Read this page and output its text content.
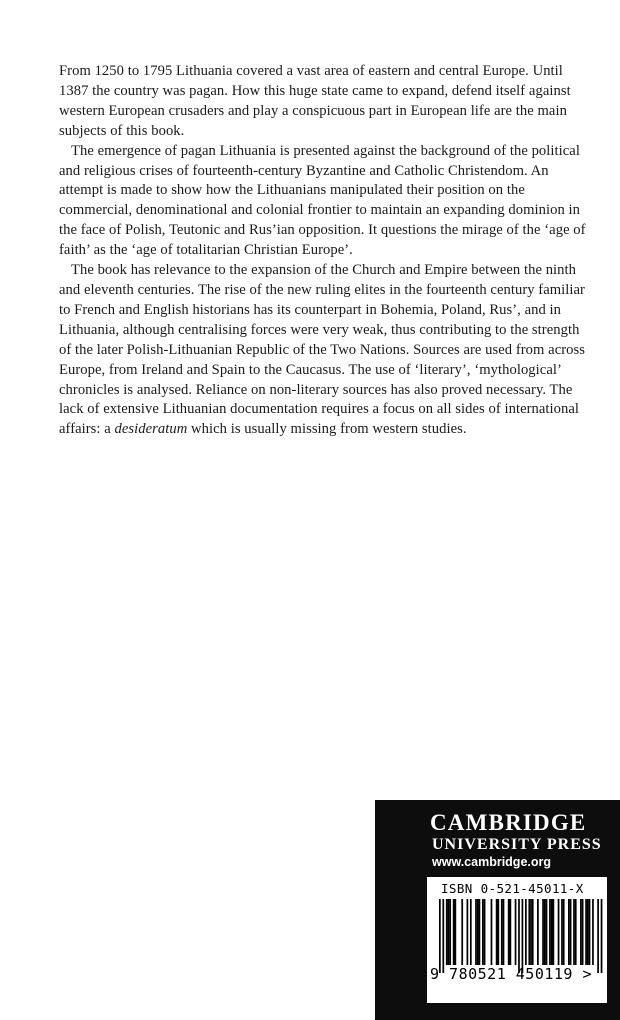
From 1250 to 1795 Lithuania covered a vast area of eastern and central Europe. Until 1387 the country was pagan. How this huge state came to expand, defend itself against western European crusaders and play a conspicuous part in European life are the main subjects of this book.

The emergence of pagan Lithuania is presented against the background of the political and religious crises of fourteenth-century Byzantine and Catholic Christendom. An attempt is made to show how the Lithuanians manipulated their position on the commercial, denominational and colonial frontier to maintain an expanding dominion in the face of Polish, Teutonic and Rus’ian opposition. It questions the mirage of the ‘age of faith’ as the ‘age of totalitarian Christian Europe’.

The book has relevance to the expansion of the Church and Empire between the ninth and eleventh centuries. The rise of the new ruling elites in the fourteenth century familiar to French and English historians has its counterpart in Bohemia, Poland, Rus’, and in Lithuania, although centralising forces were very weak, thus contributing to the strength of the later Polish-Lithuanian Republic of the Two Nations. Sources are used from across Europe, from Ireland and Spain to the Caucasus. The use of ‘literary’, ‘mythological’ chronicles is analysed. Reliance on non-literary sources has also proved necessary. The lack of extensive Lithuanian documentation requires a focus on all sides of international affairs: a desideratum which is usually missing from western studies.

CAMBRIDGE
UNIVERSITY PRESS
www.cambridge.org
ISBN 0-521-45011-X
9 780521 450119 >
